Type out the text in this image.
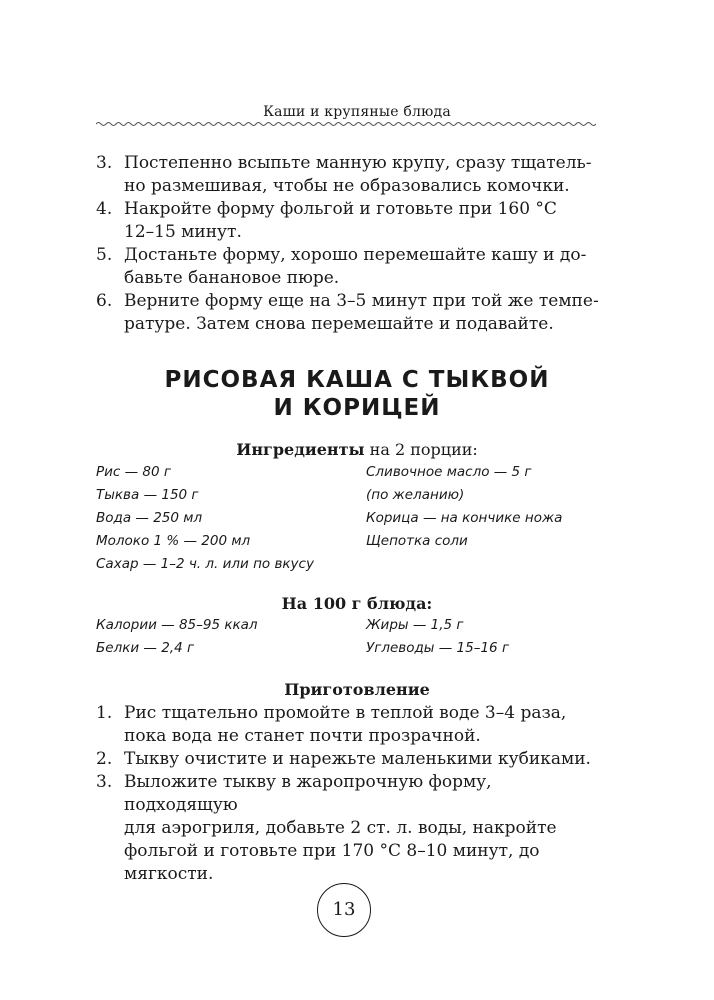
Каши и крупяные блюда
3. Постепенно всыпьте манную крупу, сразу тщатель-
но размешивая, чтобы не образовались комочки.
4. Накройте форму фольгой и готовьте при 160 °C
12–15 минут.
5. Достаньте форму, хорошо перемешайте кашу и до-
бавьте банановое пюре.
6. Верните форму еще на 3–5 минут при той же темпе-
ратуре. Затем снова перемешайте и подавайте.
РИСОВАЯ КАША С ТЫКВОЙ
И КОРИЦЕЙ
Ингредиенты на 2 порции:
Рис — 80 г
Тыква — 150 г
Вода — 250 мл
Молоко 1 % — 200 мл
Сахар — 1–2 ч. л. или по вкусу
Сливочное масло — 5 г
(по желанию)
Корица — на кончике ножа
Щепотка соли
На 100 г блюда:
Калории — 85–95 ккал
Белки — 2,4 г
Жиры — 1,5 г
Углеводы — 15–16 г
Приготовление
1. Рис тщательно промойте в теплой воде 3–4 раза,
пока вода не станет почти прозрачной.
2. Тыкву очистите и нарежьте маленькими кубиками.
3. Выложите тыкву в жаропрочную форму, подходящую
для аэрогриля, добавьте 2 ст. л. воды, накройте
фольгой и готовьте при 170 °C 8–10 минут, до
мягкости.
13
